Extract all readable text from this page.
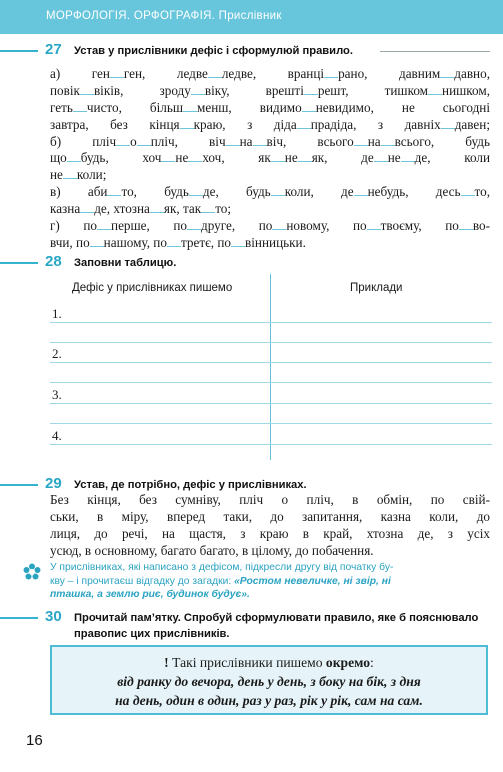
МОРФОЛОГІЯ. ОРФОГРАФІЯ. Прислівник
27 Устав у прислівники дефіс і сформулюй правило.
а) ген ген, ледве ледве, вранці рано, давним давно,
повік віків, зроду віку, врешті решт, тишком нишком,
геть чисто, більш менш, видимо невидимо, не сьогодні
завтра, без кінця краю, з діда прадіда, з давніх давен;
б) пліч о пліч, віч на віч, всього на всього, будь
що будь, хоч не хоч, як не як, де не де, коли
не коли;
в) аби то, будь де, будь коли, де небудь, десь то,
казна де, хтозна як, так то;
г) по перше, по друге, по новому, по твоєму, по во-
вчи, по нашому, по третє, по вінницьки.
28 Заповни таблицю.
Дефіс у прислівниках пишемо	Приклади
1.
2.
3.
4.
29 Устав, де потрібно, дефіс у прислівниках.
Без кінця, без сумніву, пліч о пліч, в обмін, по свій-
ськи, в міру, вперед таки, до запитання, казна коли, до
лиця, до речі, на щастя, з краю в край, хтозна де, з усіх
усюд, в основному, багато багато, в цілому, до побачення.
У прислівниках, які написано з дефісом, підкресли другу від початку бу-
кву – і прочитаєш відгадку до загадки: «Ростом невеличке, ні звір, ні
пташка, а землю риє, будинок будує».
30 Прочитай пам’ятку. Спробуй сформулювати правило, яке б пояснювало
правопис цих прислівників.
! Такі прислівники пишемо окремо:
від ранку до вечора, день у день, з боку на бік, з дня
на день, один в один, раз у раз, рік у рік, сам на сам.
16
